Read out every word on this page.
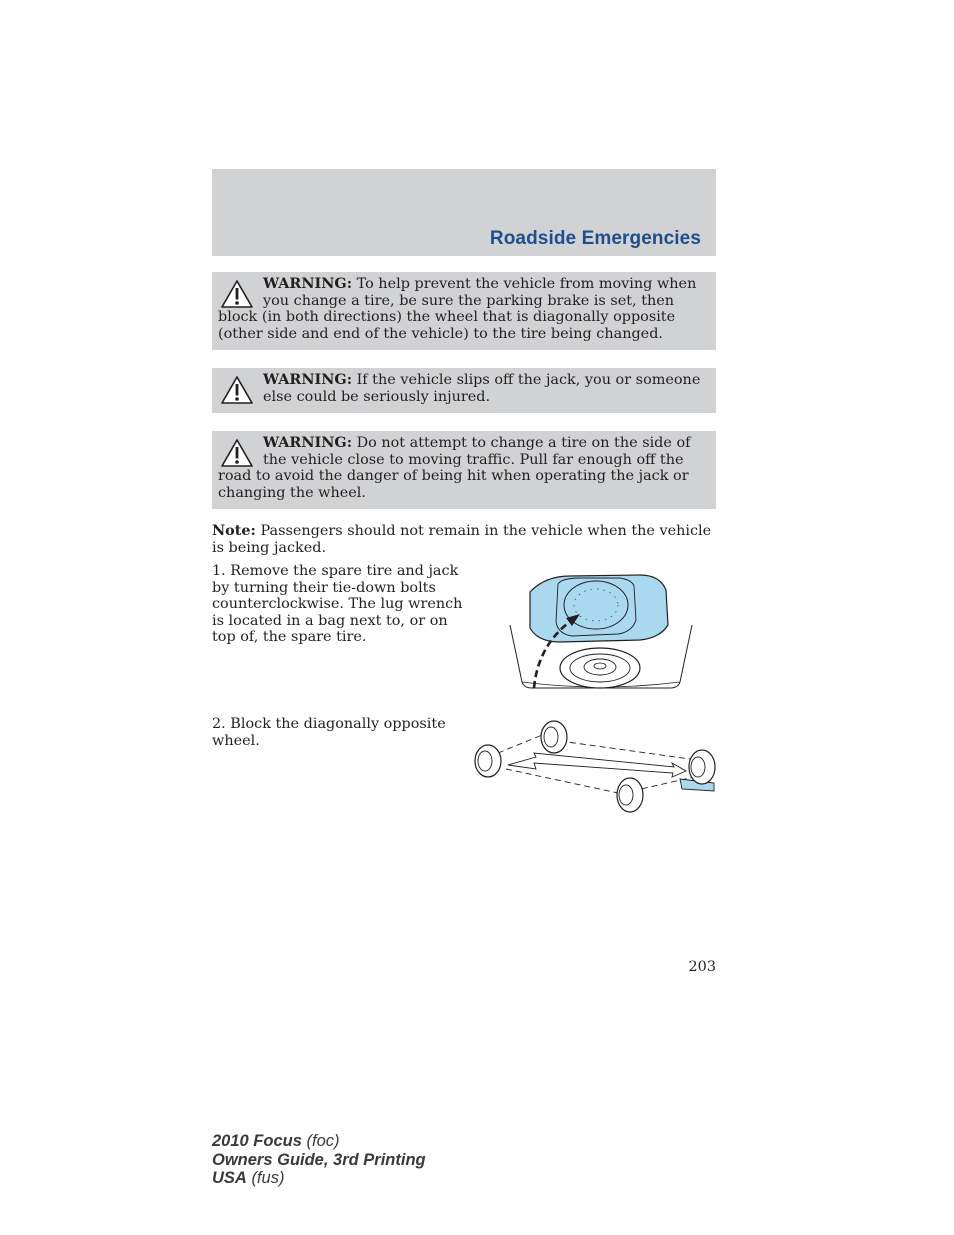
Roadside Emergencies

WARNING: To help prevent the vehicle from moving when you change a tire, be sure the parking brake is set, then block (in both directions) the wheel that is diagonally opposite (other side and end of the vehicle) to the tire being changed.

WARNING: If the vehicle slips off the jack, you or someone else could be seriously injured.

WARNING: Do not attempt to change a tire on the side of the vehicle close to moving traffic. Pull far enough off the road to avoid the danger of being hit when operating the jack or changing the wheel.

Note: Passengers should not remain in the vehicle when the vehicle is being jacked.

1. Remove the spare tire and jack by turning their tie-down bolts counterclockwise. The lug wrench is located in a bag next to, or on top of, the spare tire.

2. Block the diagonally opposite wheel.

203

2010 Focus (foc)
Owners Guide, 3rd Printing
USA (fus)
